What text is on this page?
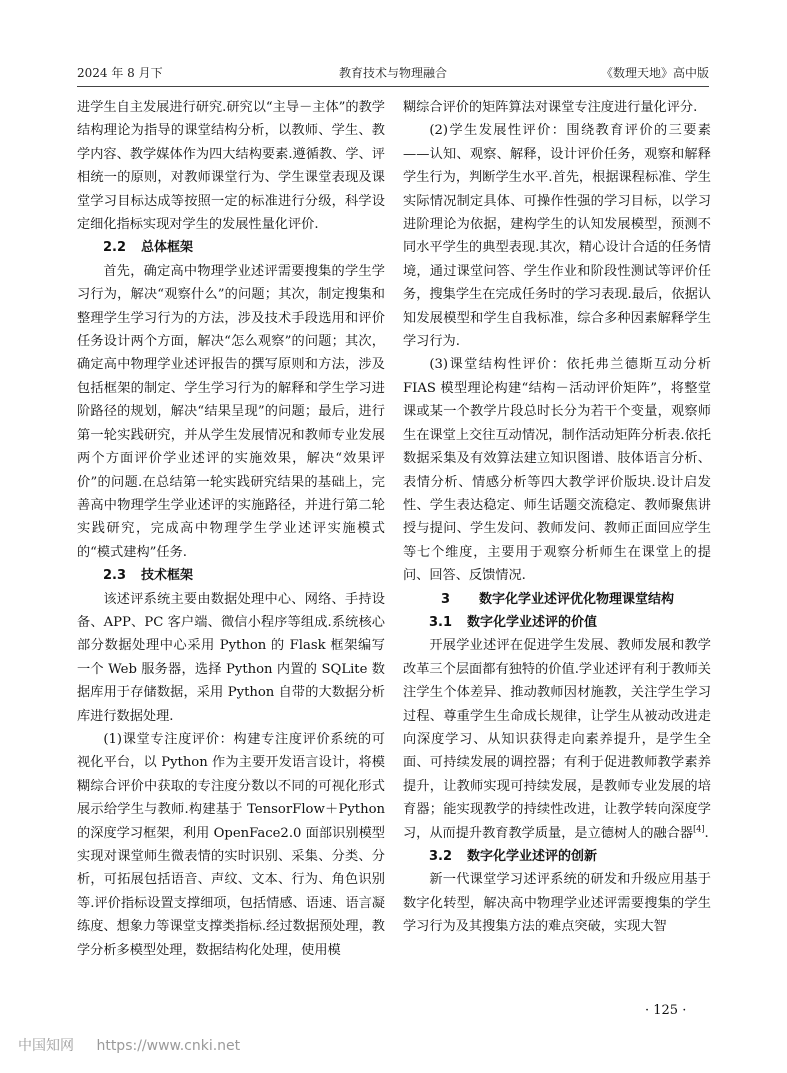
2024 年 8 月下	教育技术与物理融合	《数理天地》高中版

进学生自主发展进行研究.研究以“主导－主体”的教学结构理论为指导的课堂结构分析，以教师、学生、教学内容、教学媒体作为四大结构要素.遵循教、学、评相统一的原则，对教师课堂行为、学生课堂表现及课堂学习目标达成等按照一定的标准进行分级，科学设定细化指标实现对学生的发展性量化评价.

2.2 总体框架

首先，确定高中物理学业述评需要搜集的学生学习行为，解决“观察什么”的问题；其次，制定搜集和整理学生学习行为的方法，涉及技术手段选用和评价任务设计两个方面，解决“怎么观察”的问题；其次，确定高中物理学业述评报告的撰写原则和方法，涉及包括框架的制定、学生学习行为的解释和学生学习进阶路径的规划，解决“结果呈现”的问题；最后，进行第一轮实践研究，并从学生发展情况和教师专业发展两个方面评价学业述评的实施效果，解决“效果评价”的问题.在总结第一轮实践研究结果的基础上，完善高中物理学生学业述评的实施路径，并进行第二轮实践研究，完成高中物理学生学业述评实施模式的“模式建构”任务.

2.3 技术框架

该述评系统主要由数据处理中心、网络、手持设备、APP、PC 客户端、微信小程序等组成.系统核心部分数据处理中心采用 Python 的 Flask 框架编写一个 Web 服务器，选择 Python 内置的 SQLite 数据库用于存储数据，采用 Python 自带的大数据分析库进行数据处理.

(1)课堂专注度评价：构建专注度评价系统的可视化平台，以 Python 作为主要开发语言设计，将模糊综合评价中获取的专注度分数以不同的可视化形式展示给学生与教师.构建基于 TensorFlow＋Python 的深度学习框架，利用 OpenFace2.0 面部识别模型实现对课堂师生微表情的实时识别、采集、分类、分析，可拓展包括语音、声纹、文本、行为、角色识别等.评价指标设置支撑细项，包括情感、语速、语言凝练度、想象力等课堂支撑类指标.经过数据预处理，教学分析多模型处理，数据结构化处理，使用模

糊综合评价的矩阵算法对课堂专注度进行量化评分.

(2)学生发展性评价：围绕教育评价的三要素——认知、观察、解释，设计评价任务，观察和解释学生行为，判断学生水平.首先，根据课程标准、学生实际情况制定具体、可操作性强的学习目标，以学习进阶理论为依据，建构学生的认知发展模型，预测不同水平学生的典型表现.其次，精心设计合适的任务情境，通过课堂问答、学生作业和阶段性测试等评价任务，搜集学生在完成任务时的学习表现.最后，依据认知发展模型和学生自我标准，综合多种因素解释学生学习行为.

(3)课堂结构性评价：依托弗兰德斯互动分析 FIAS 模型理论构建“结构－活动评价矩阵”，将整堂课或某一个教学片段总时长分为若干个变量，观察师生在课堂上交往互动情况，制作活动矩阵分析表.依托数据采集及有效算法建立知识图谱、肢体语言分析、表情分析、情感分析等四大教学评价版块.设计启发性、学生表达稳定、师生话题交流稳定、教师聚焦讲授与提问、学生发问、教师发问、教师正面回应学生等七个维度，主要用于观察分析师生在课堂上的提问、回答、反馈情况.

3 数字化学业述评优化物理课堂结构
3.1 数字化学业述评的价值

开展学业述评在促进学生发展、教师发展和教学改革三个层面都有独特的价值.学业述评有利于教师关注学生个体差异、推动教师因材施教，关注学生学习过程、尊重学生生命成长规律，让学生从被动改进走向深度学习、从知识获得走向素养提升，是学生全面、可持续发展的调控器；有利于促进教师教学素养提升，让教师实现可持续发展，是教师专业发展的培育器；能实现教学的持续性改进，让教学转向深度学习，从而提升教育教学质量，是立德树人的融合器[4].

3.2 数字化学业述评的创新

新一代课堂学习述评系统的研发和升级应用基于数字化转型，解决高中物理学业述评需要搜集的学生学习行为及其搜集方法的难点突破，实现大智

· 125 ·
中国知网 https://www.cnki.net
